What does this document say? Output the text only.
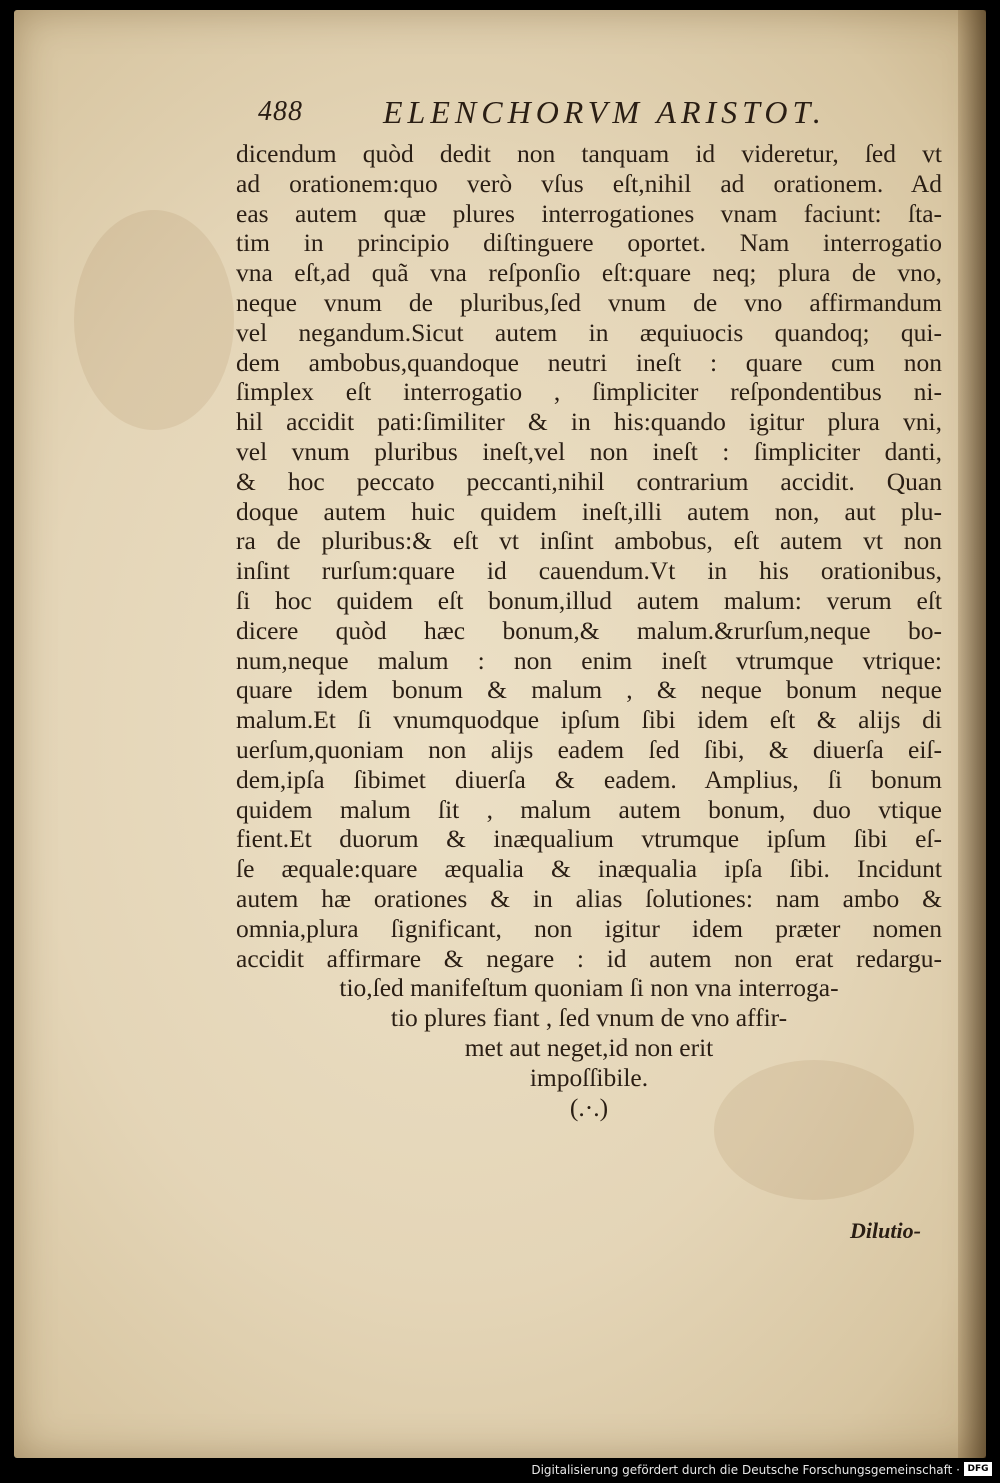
488	ELENCHORVM ARISTOT.
dicendum quòd dedit non tanquam id videretur, ſed vt
ad orationem:quo verò vſus eſt,nihil ad orationem. Ad
eas autem quæ plures interrogationes vnam faciunt: ſta-
tim in principio diſtinguere oportet. Nam interrogatio
vna eſt,ad quã vna reſponſio eſt:quare neq; plura de vno,
neque vnum de pluribus,ſed vnum de vno affirmandum
vel negandum.Sicut autem in æquiuocis quandoq; qui-
dem ambobus,quandoque neutri ineſt : quare cum non
ſimplex eſt interrogatio , ſimpliciter reſpondentibus ni-
hil accidit pati:ſimiliter & in his:quando igitur plura vni,
vel vnum pluribus ineſt,vel non ineſt : ſimpliciter danti,
& hoc peccato peccanti,nihil contrarium accidit. Quan
doque autem huic quidem ineſt,illi autem non, aut plu-
ra de pluribus:& eſt vt inſint ambobus, eſt autem vt non
inſint rurſum:quare id cauendum.Vt in his orationibus,
ſi hoc quidem eſt bonum,illud autem malum: verum eſt
dicere quòd hæc bonum,& malum.&rurſum,neque bo-
num,neque malum : non enim ineſt vtrumque vtrique:
quare idem bonum & malum , & neque bonum neque
malum.Et ſi vnumquodque ipſum ſibi idem eſt & alijs di
uerſum,quoniam non alijs eadem ſed ſibi, & diuerſa eiſ-
dem,ipſa ſibimet diuerſa & eadem. Amplius, ſi bonum
quidem malum ſit , malum autem bonum, duo vtique
fient.Et duorum & inæqualium vtrumque ipſum ſibi eſ-
ſe æquale:quare æqualia & inæqualia ipſa ſibi. Incidunt
autem hæ orationes & in alias ſolutiones: nam ambo &
omnia,plura ſignificant, non igitur idem præter nomen
accidit affirmare & negare : id autem non erat redargu-
tio,ſed manifeſtum quoniam ſi non vna interroga-
tio plures fiant , ſed vnum de vno affir-
met aut neget,id non erit
impoſſibile.
(.·.)
Dilutio-
Digitalisierung gefördert durch die Deutsche Forschungsgemeinschaft · DFG
